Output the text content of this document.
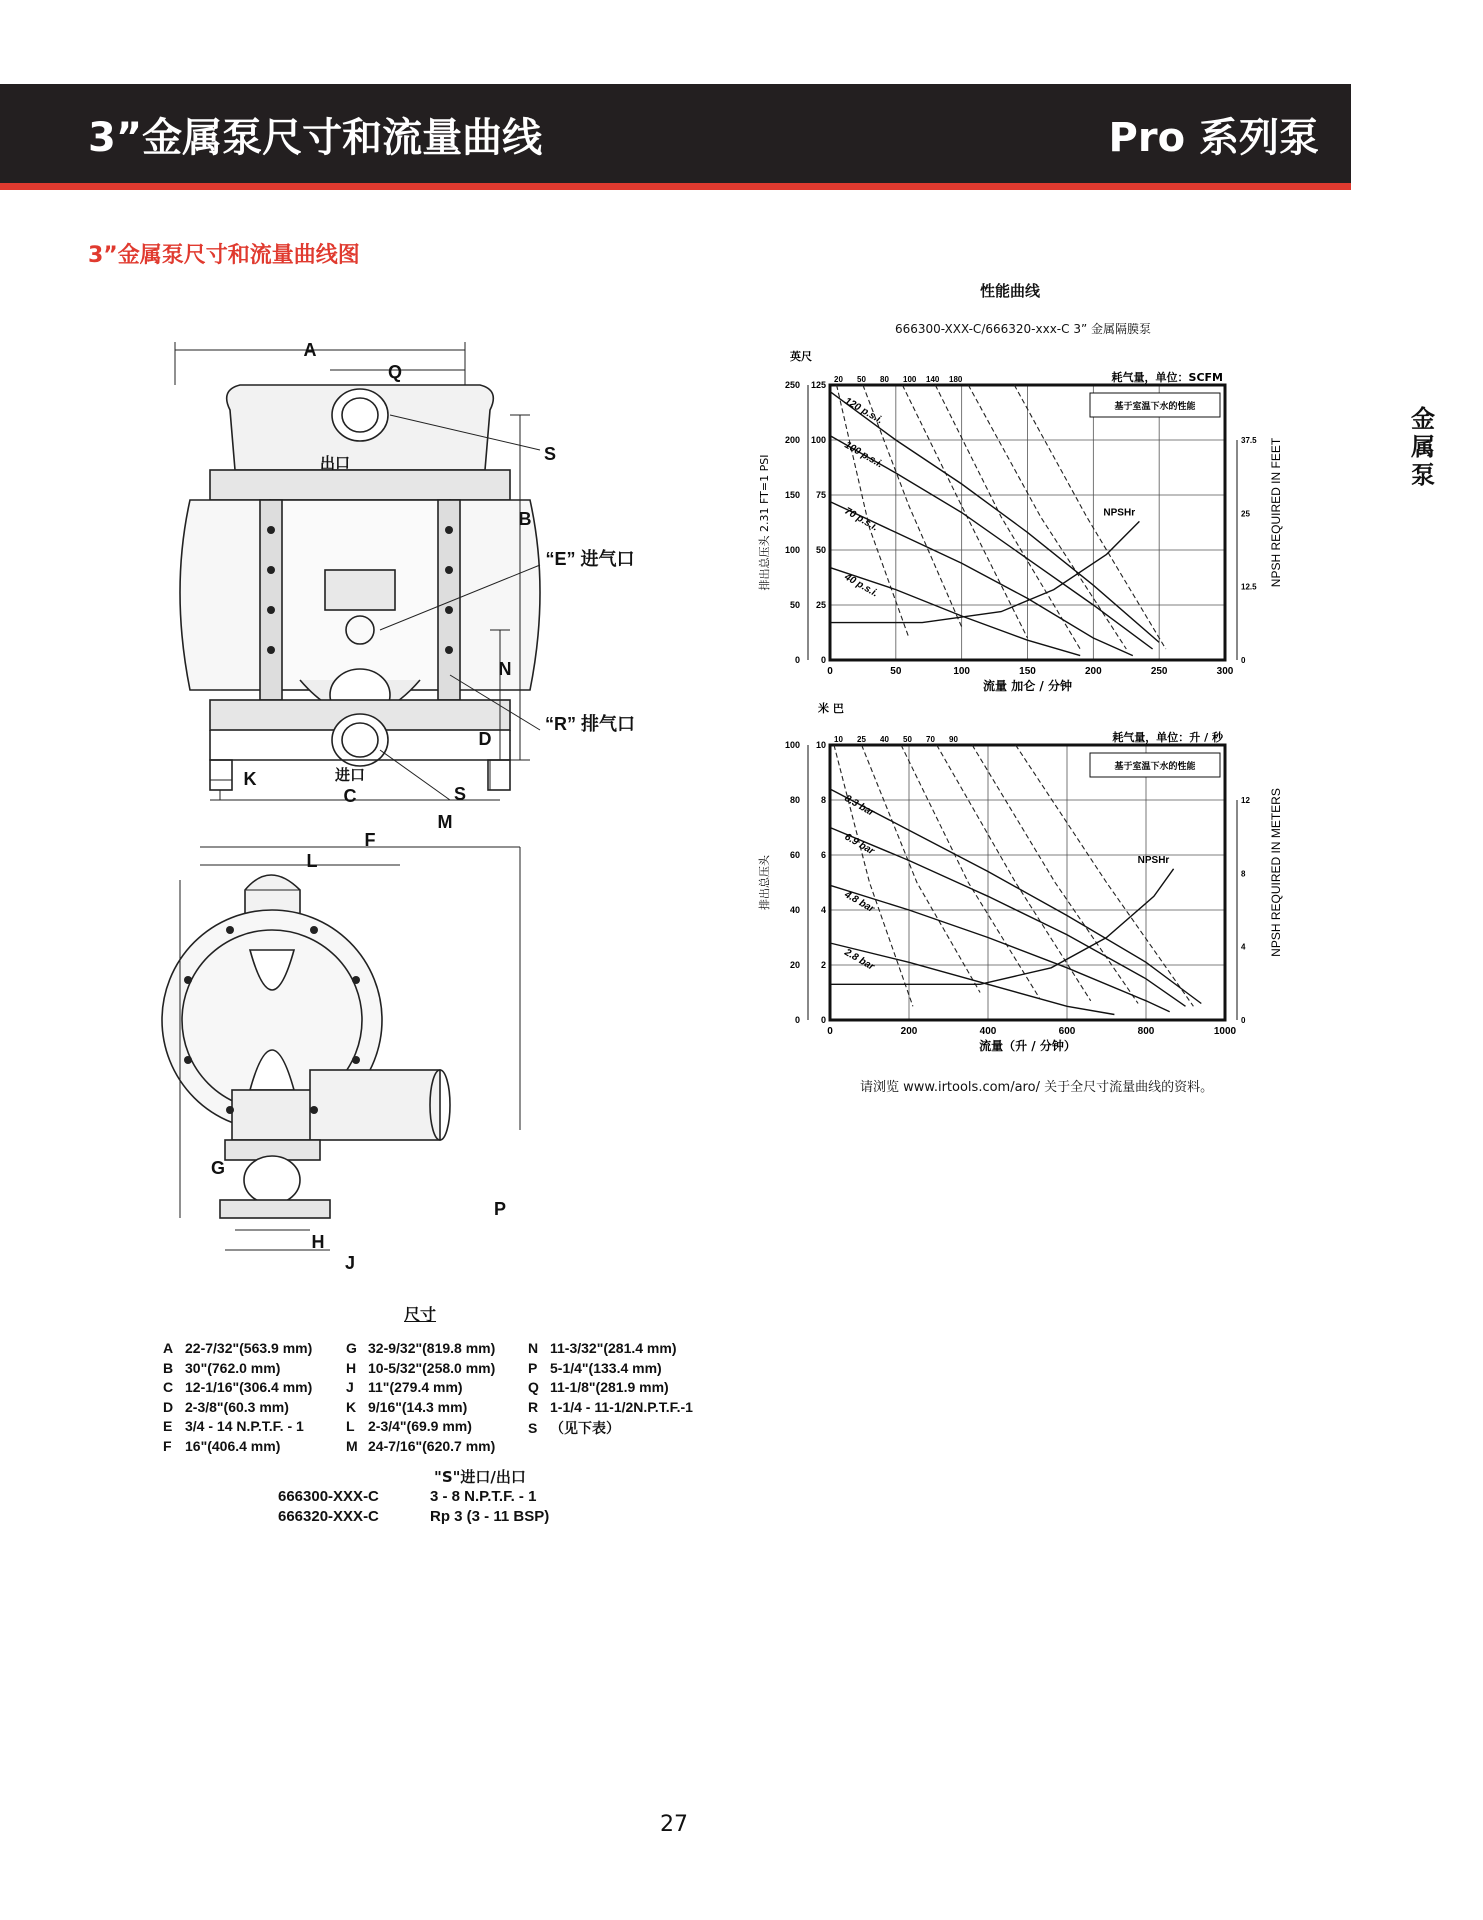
3”金属泵尺寸和流量曲线	Pro 系列泵
3”金属泵尺寸和流量曲线图
金属泵
A
Q
S
B
“E” 进气口
N
“R” 排气口
D
K
C	S
M
F
L
G
P
H
J
出口
进口
尺寸
A 22-7/32"(563.9 mm)
B 30"(762.0 mm)
C 12-1/16"(306.4 mm)
D 2-3/8"(60.3 mm)
E 3/4 - 14 N.P.T.F. - 1
F 16"(406.4 mm)
G 32-9/32"(819.8 mm)
H 10-5/32"(258.0 mm)
J 11"(279.4 mm)
K 9/16"(14.3 mm)
L 2-3/4"(69.9 mm)
M 24-7/16"(620.7 mm)
N 11-3/32"(281.4 mm)
P 5-1/4"(133.4 mm)
Q 11-1/8"(281.9 mm)
R 1-1/4 - 11-1/2N.P.T.F.-1
S （见下表）
"S"进口/出口
666300-XXX-C	3 - 8 N.P.T.F. - 1
666320-XXX-C	Rp 3 (3 - 11 BSP)
性能曲线
666300-XXX-C/666320-xxx-C 3” 金属隔膜泵
0	50	100	150	200	250	300
0
0
25
50
50
100
75
150
100
200
125
250
0
12.5
25
37.5
20 50 80 100 140 180	耗气量，单位：SCFM
基于室温下水的性能
120 p.s.i.
100 p.s.i.
70 p.s.i.
40 p.s.i.
NPSHr
流量 加仑 / 分钟
排出总压头 2.31 FT=1 PSI	NPSH REQUIRED IN FEET
英尺
0	200	400	600	800	1000
0
0
2
20
4
40
6
60
8
80
10
100
0
4
8
12
10 25 40 50 70 90	耗气量，单位：升 / 秒
基于室温下水的性能
8.3 bar
6.9 bar
4.8 bar
2.8 bar
NPSHr
流量（升 / 分钟）
排出总压头	NPSH REQUIRED IN METERS
米 巴
请浏览 www.irtools.com/aro/ 关于全尺寸流量曲线的资料。
27
